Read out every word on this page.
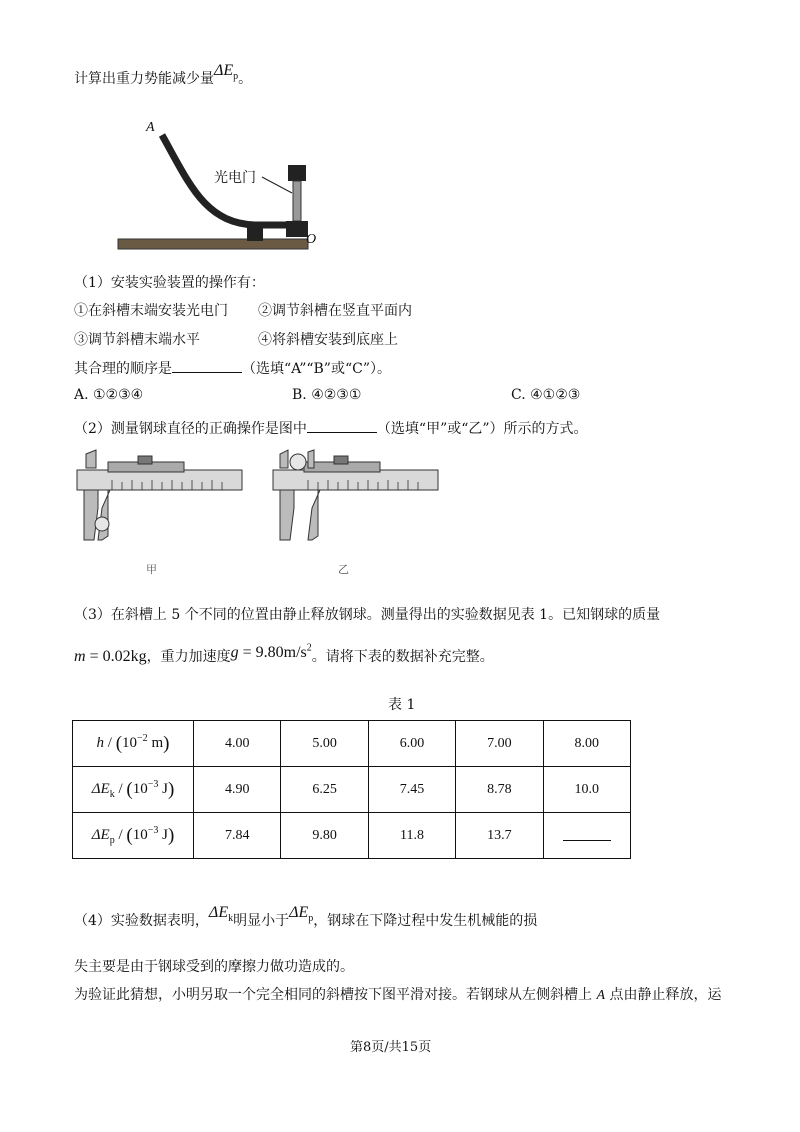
计算出重力势能减少量$\Delta E_p$。
A
光电门
O
（1）安装实验装置的操作有：
①在斜槽末端安装光电门 ②调节斜槽在竖直平面内
③调节斜槽末端水平	④将斜槽安装到底座上
其合理的顺序是	（选填“A”“B”或“C”）。
A. ①②③④	B. ④②③①	C. ④①②③
（2）测量钢球直径的正确操作是图中	（选填“甲”或“乙”）所示的方式。
甲	乙
（3）在斜槽上 5 个不同的位置由静止释放钢球。测量得出的实验数据见表 1。已知钢球的质量
m = 0.02kg，重力加速度$g = 9.80m/s^2$。请将下表的数据补充完整。
表 1
h / ($10^{-2}$ m)	4.00	5.00	6.00	7.00	8.00
$\Delta E_k / (10^{-3}$ J)	4.90	6.25	7.45	8.78	10.0
$\Delta E_p / (10^{-3}$ J)	7.84	9.80	11.8	13.7	
（4）实验数据表明，$\Delta E_k$明显小于$\Delta E_p$，钢球在下降过程中发生机械能的损
失主要是由于钢球受到的摩擦力做功造成的。
为验证此猜想，小明另取一个完全相同的斜槽按下图平滑对接。若钢球从左侧斜槽上 A 点由静止释放，运
第8页/共15页
